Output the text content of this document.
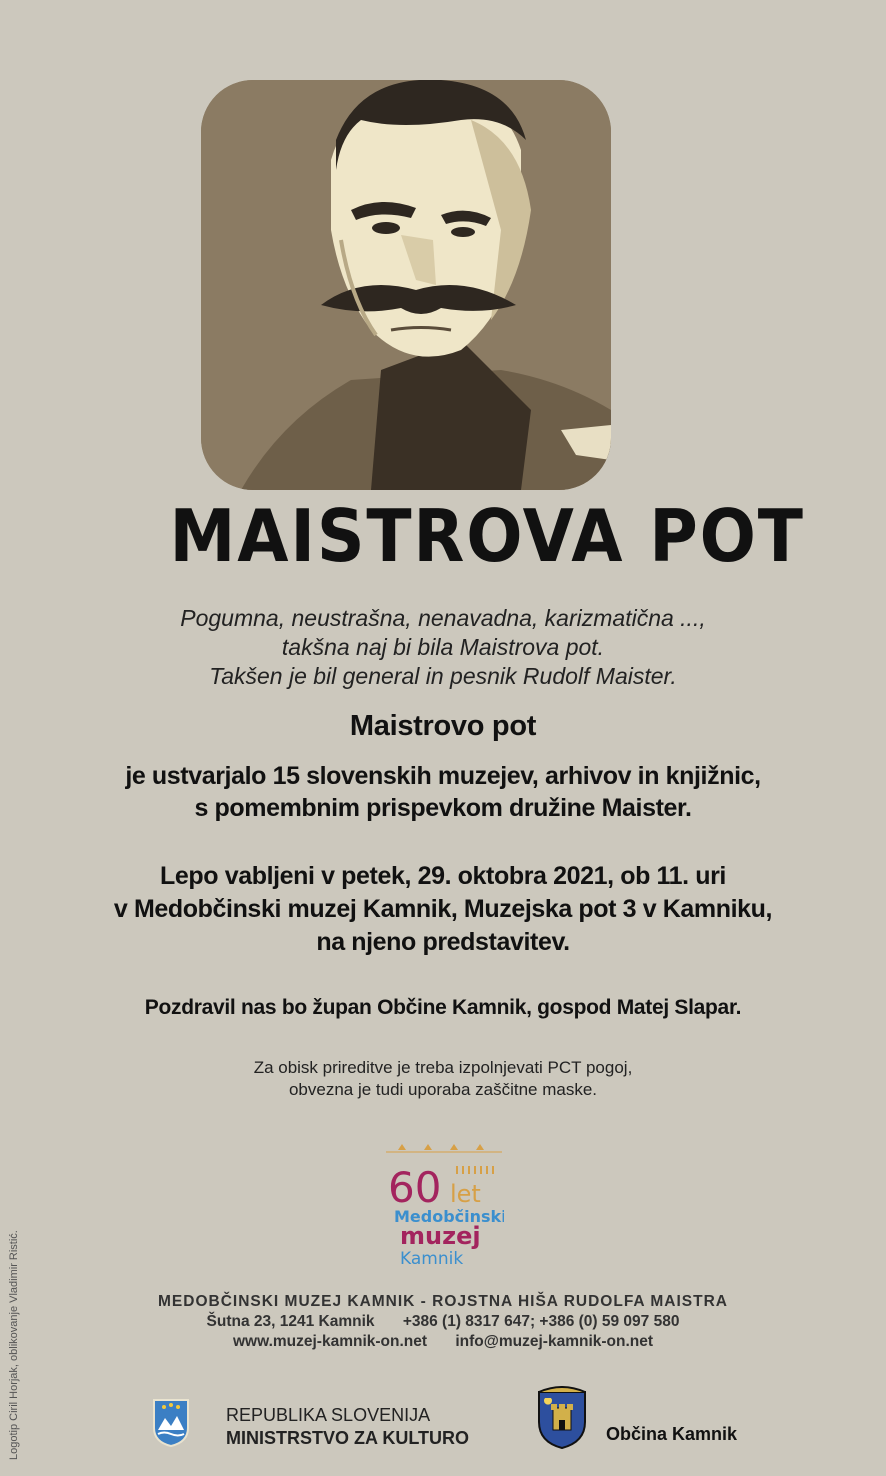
MAISTROVA POT
Pogumna, neustrašna, nenavadna, karizmatična ...,
takšna naj bi bila Maistrova pot.
Takšen je bil general in pesnik Rudolf Maister.
Maistrovo pot
je ustvarjalo 15 slovenskih muzejev, arhivov in knjižnic,
s pomembnim prispevkom družine Maister.
Lepo vabljeni v petek, 29. oktobra 2021, ob 11. uri
v Medobčinski muzej Kamnik, Muzejska pot 3 v Kamniku,
na njeno predstavitev.
Pozdravil nas bo župan Občine Kamnik, gospod Matej Slapar.
Za obisk prireditve je treba izpolnjevati PCT pogoj,
obvezna je tudi uporaba zaščitne maske.
60 let
Medobčinski
muzej
Kamnik
MEDOBČINSKI MUZEJ KAMNIK - ROJSTNA HIŠA RUDOLFA MAISTRA
Šutna 23, 1241 Kamnik +386 (1) 8317 647; +386 (0) 59 097 580
www.muzej-kamnik-on.net info@muzej-kamnik-on.net
REPUBLIKA SLOVENIJA
MINISTRSTVO ZA KULTURO	Občina Kamnik
Logotip Ciril Horjak, oblikovanje Vladimir Ristić.
